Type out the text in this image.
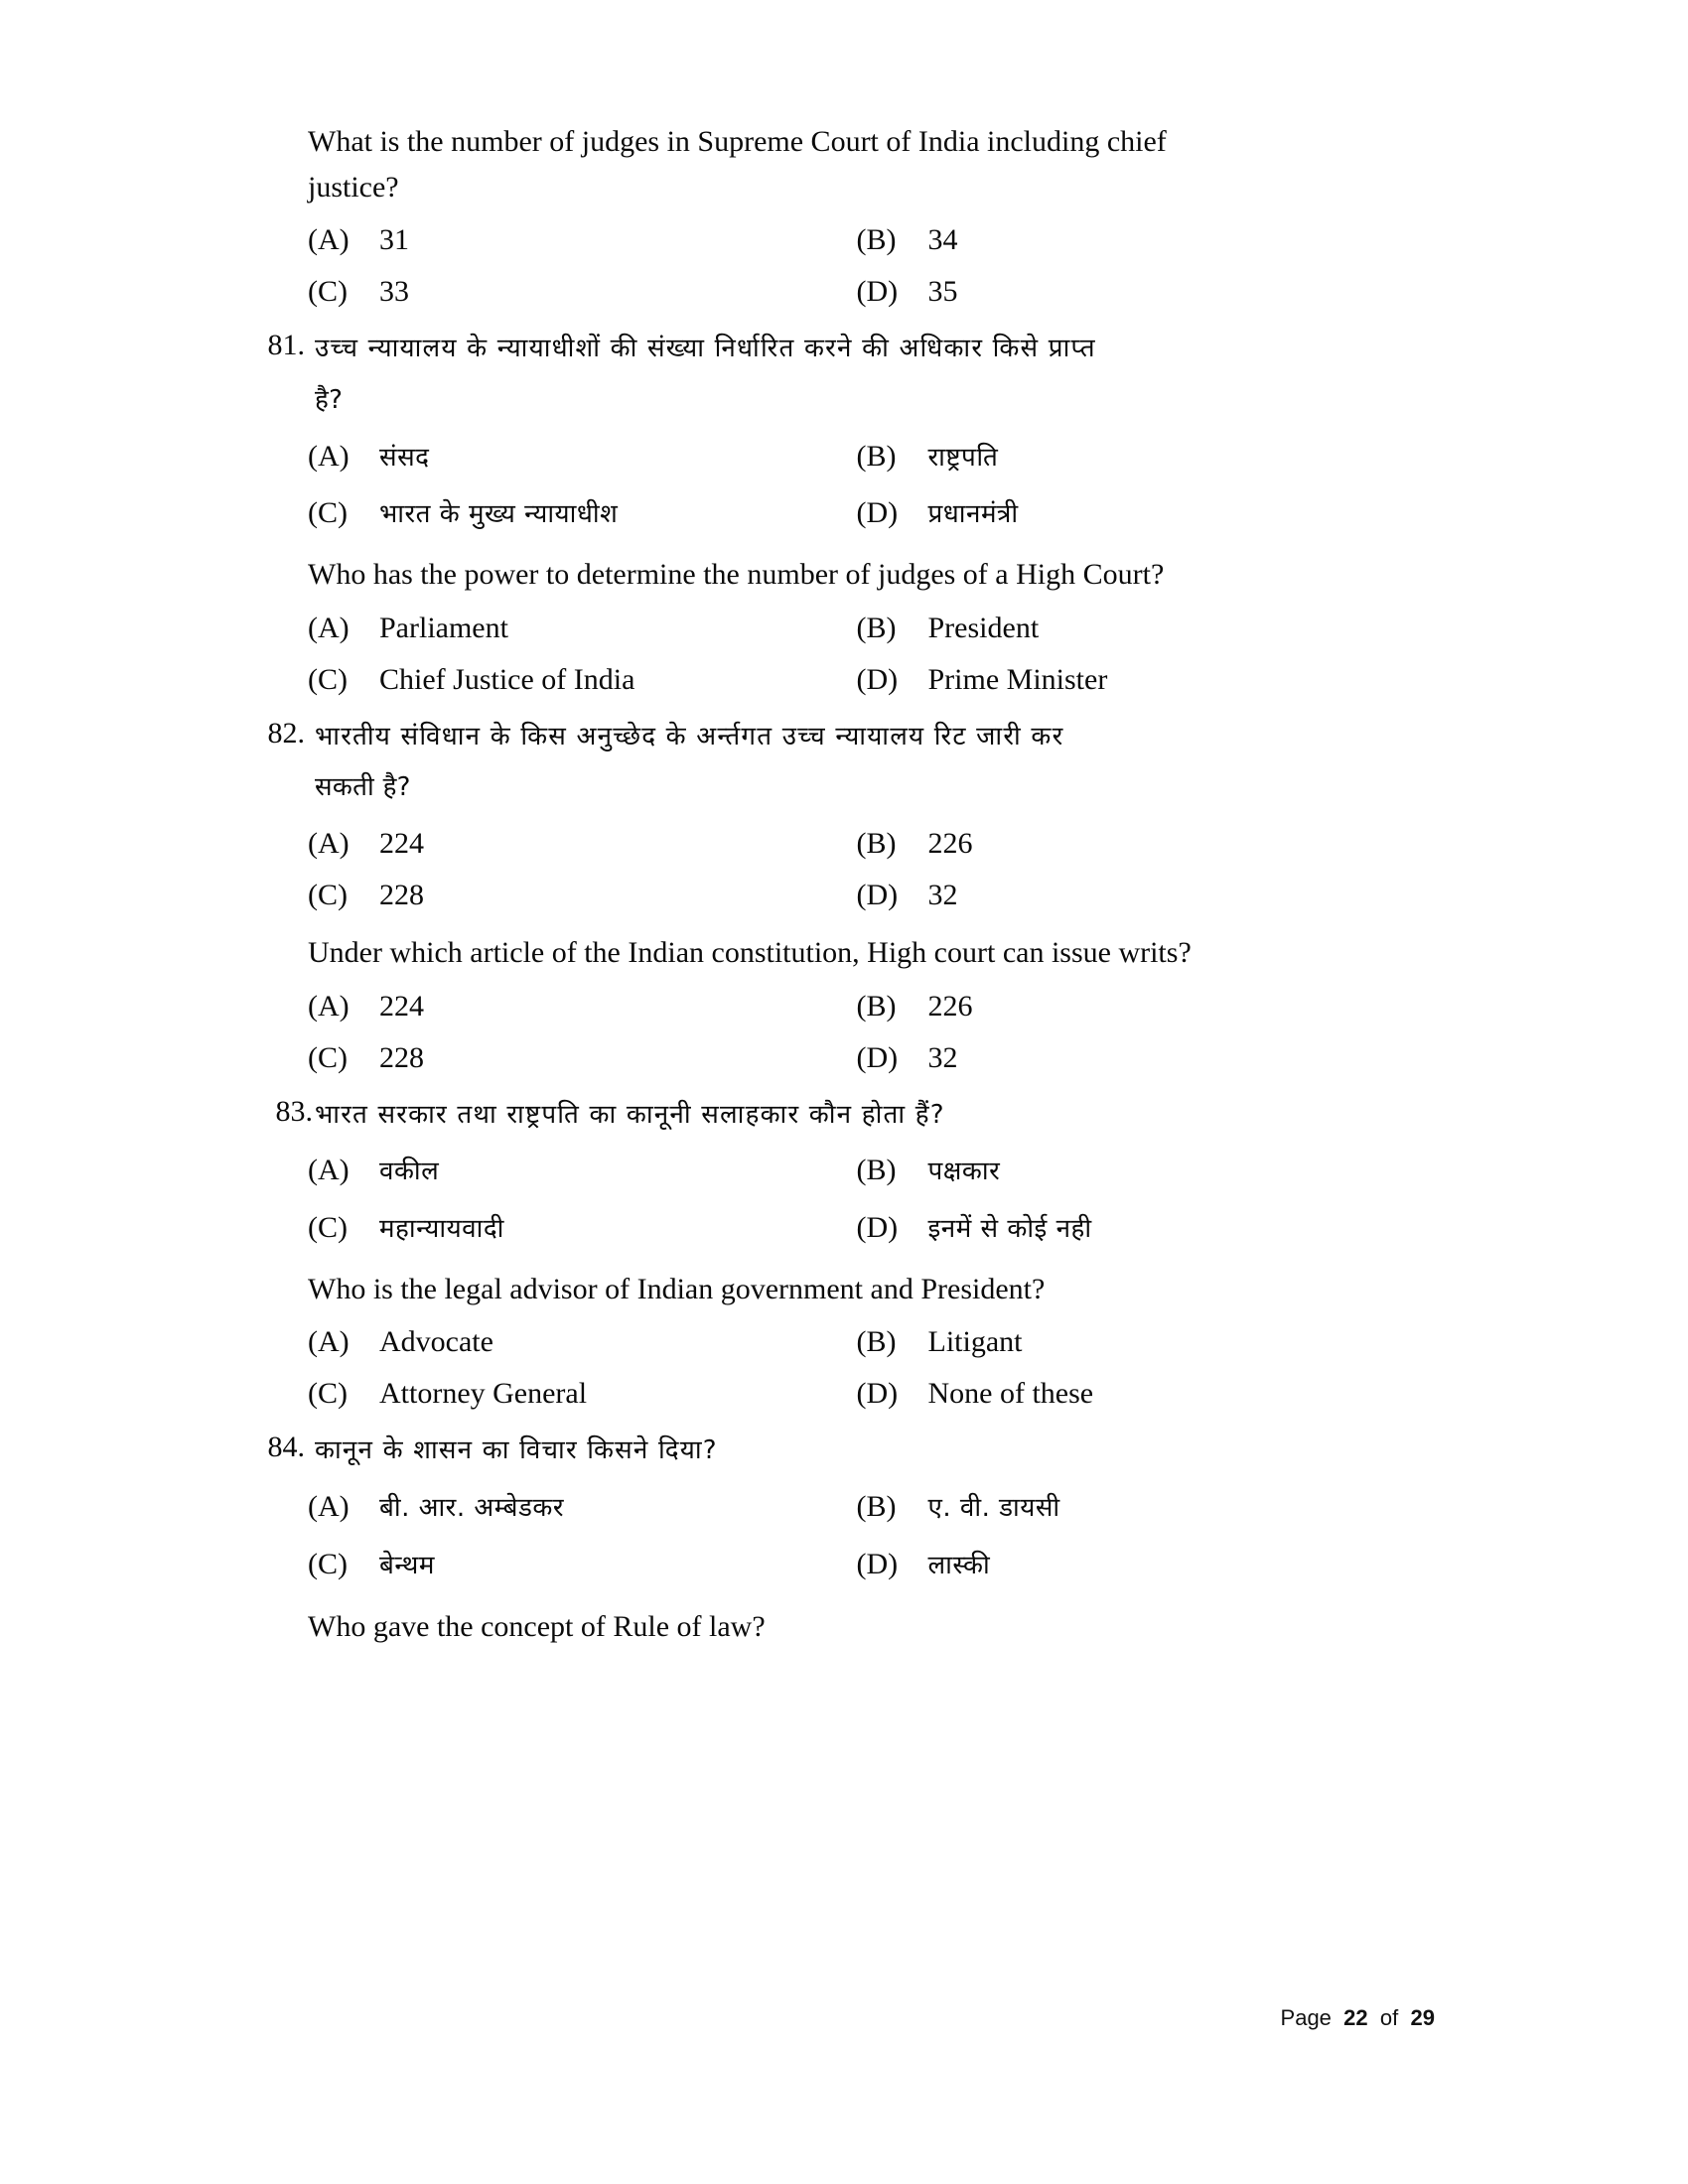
What is the number of judges in Supreme Court of India including chief
justice?
(A)	31	(B)	34
(C)	33	(D)	35
81. उच्च न्यायालय के न्यायाधीशों की संख्या निर्धारित करने की अधिकार किसे प्राप्त
है?
(A)	संसद	(B)	राष्ट्रपति
(C)	भारत के मुख्य न्यायाधीश	(D)	प्रधानमंत्री
Who has the power to determine the number of judges of a High Court?
(A)	Parliament	(B)	President
(C)	Chief Justice of India	(D)	Prime Minister
82. भारतीय संविधान के किस अनुच्छेद के अर्न्तगत उच्च न्यायालय रिट जारी कर
सकती है?
(A)	224	(B)	226
(C)	228	(D)	32
Under which article of the Indian constitution, High court can issue writs?
(A)	224	(B)	226
(C)	228	(D)	32
83. भारत सरकार तथा राष्ट्रपति का कानूनी सलाहकार कौन होता हैं?
(A)	वकील	(B)	पक्षकार
(C)	महान्यायवादी	(D)	इनमें से कोई नही
Who is the legal advisor of Indian government and President?
(A)	Advocate	(B)	Litigant
(C)	Attorney General	(D)	None of these
84. कानून के शासन का विचार किसने दिया?
(A)	बी. आर. अम्बेडकर	(B)	ए. वी. डायसी
(C)	बेन्थम	(D)	लास्की
Who gave the concept of Rule of law?
Page 22 of 29
